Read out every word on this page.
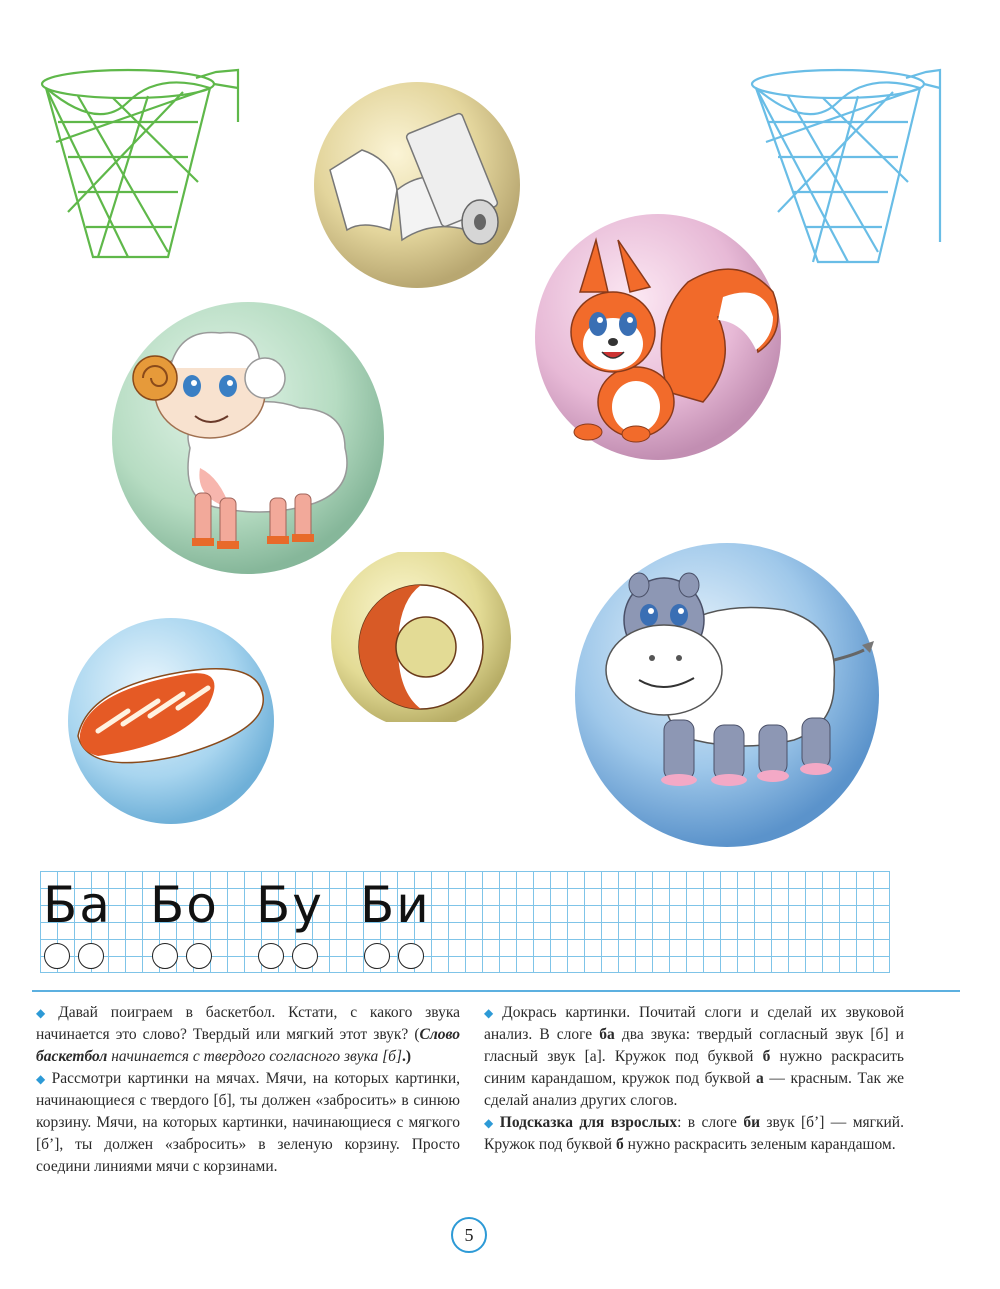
Ба Бо Бу Би

◆ Давай поиграем в баскетбол. Кстати, с какого звука начинается это слово? Твердый или мягкий этот звук? (Слово баскетбол начинается с твердого согласного звука [б].)

◆ Рассмотри картинки на мячах. Мячи, на которых картинки, начинающиеся с твердого [б], ты должен «забросить» в синюю корзину. Мячи, на которых картинки, начинающиеся с мягкого [б’], ты должен «забросить» в зеленую корзину. Просто соедини линиями мячи с корзинами.

◆ Докрась картинки. Почитай слоги и сделай их звуковой анализ. В слоге ба два звука: твердый согласный звук [б] и гласный звук [а]. Кружок под буквой б нужно раскрасить синим карандашом, кружок под буквой а — красным. Так же сделай анализ других слогов.

◆ Подсказка для взрослых: в слоге би звук [б’] — мягкий. Кружок под буквой б нужно раскрасить зеленым карандашом.

5
